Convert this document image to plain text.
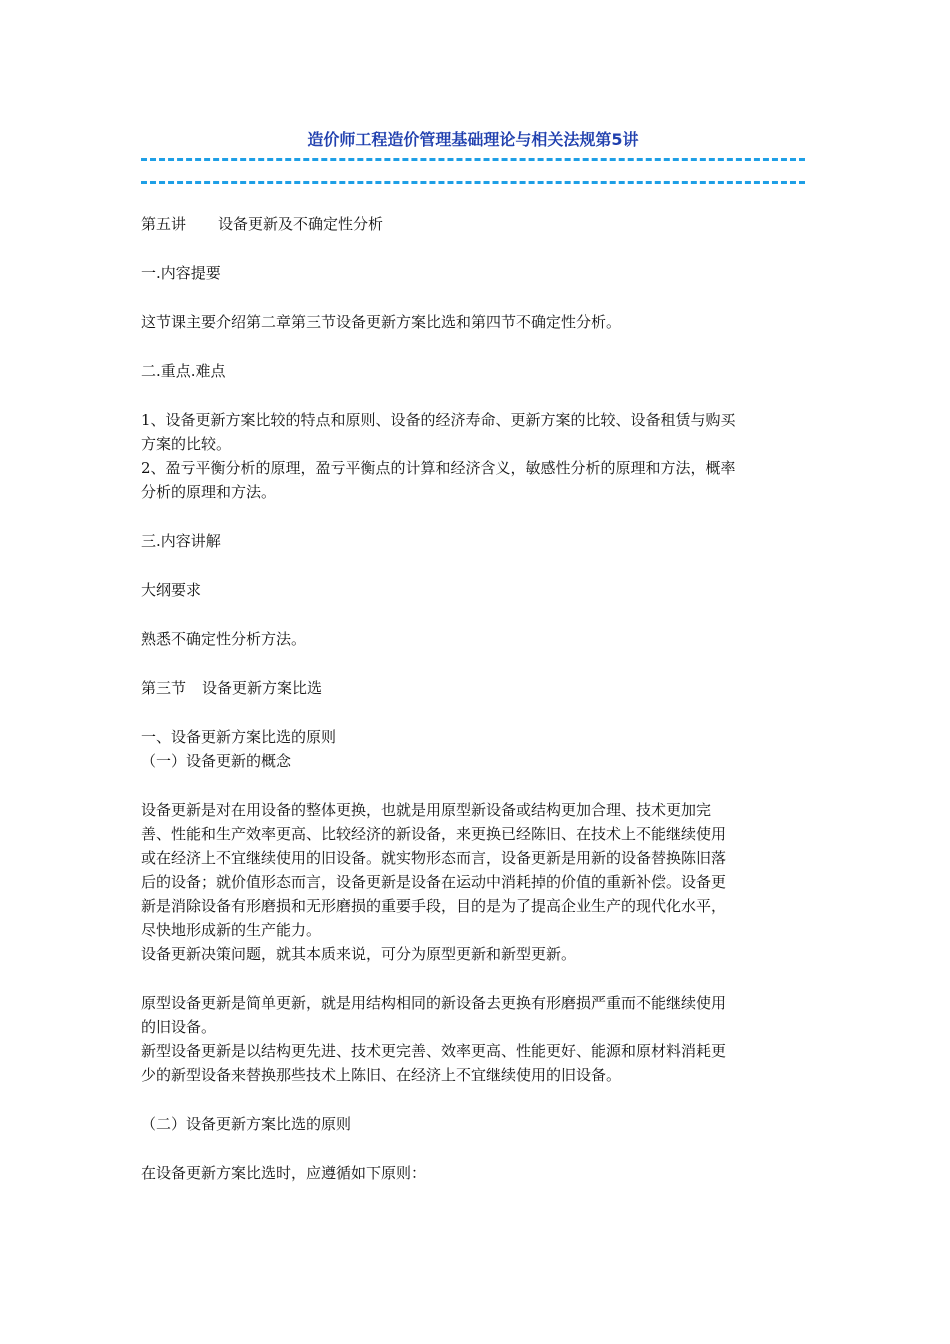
造价师工程造价管理基础理论与相关法规第5讲

第五讲 设备更新及不确定性分析

一.内容提要

这节课主要介绍第二章第三节设备更新方案比选和第四节不确定性分析。

二.重点.难点

1、设备更新方案比较的特点和原则、设备的经济寿命、更新方案的比较、设备租赁与购买

方案的比较。

2、盈亏平衡分析的原理，盈亏平衡点的计算和经济含义，敏感性分析的原理和方法，概率

分析的原理和方法。

三.内容讲解

大纲要求

熟悉不确定性分析方法。

第三节 设备更新方案比选

一、设备更新方案比选的原则

（一）设备更新的概念

设备更新是对在用设备的整体更换，也就是用原型新设备或结构更加合理、技术更加完

善、性能和生产效率更高、比较经济的新设备，来更换已经陈旧、在技术上不能继续使用

或在经济上不宜继续使用的旧设备。就实物形态而言，设备更新是用新的设备替换陈旧落

后的设备；就价值形态而言，设备更新是设备在运动中消耗掉的价值的重新补偿。设备更

新是消除设备有形磨损和无形磨损的重要手段，目的是为了提高企业生产的现代化水平，

尽快地形成新的生产能力。

设备更新决策问题，就其本质来说，可分为原型更新和新型更新。

原型设备更新是简单更新，就是用结构相同的新设备去更换有形磨损严重而不能继续使用

的旧设备。

新型设备更新是以结构更先进、技术更完善、效率更高、性能更好、能源和原材料消耗更

少的新型设备来替换那些技术上陈旧、在经济上不宜继续使用的旧设备。

（二）设备更新方案比选的原则

在设备更新方案比选时，应遵循如下原则：
